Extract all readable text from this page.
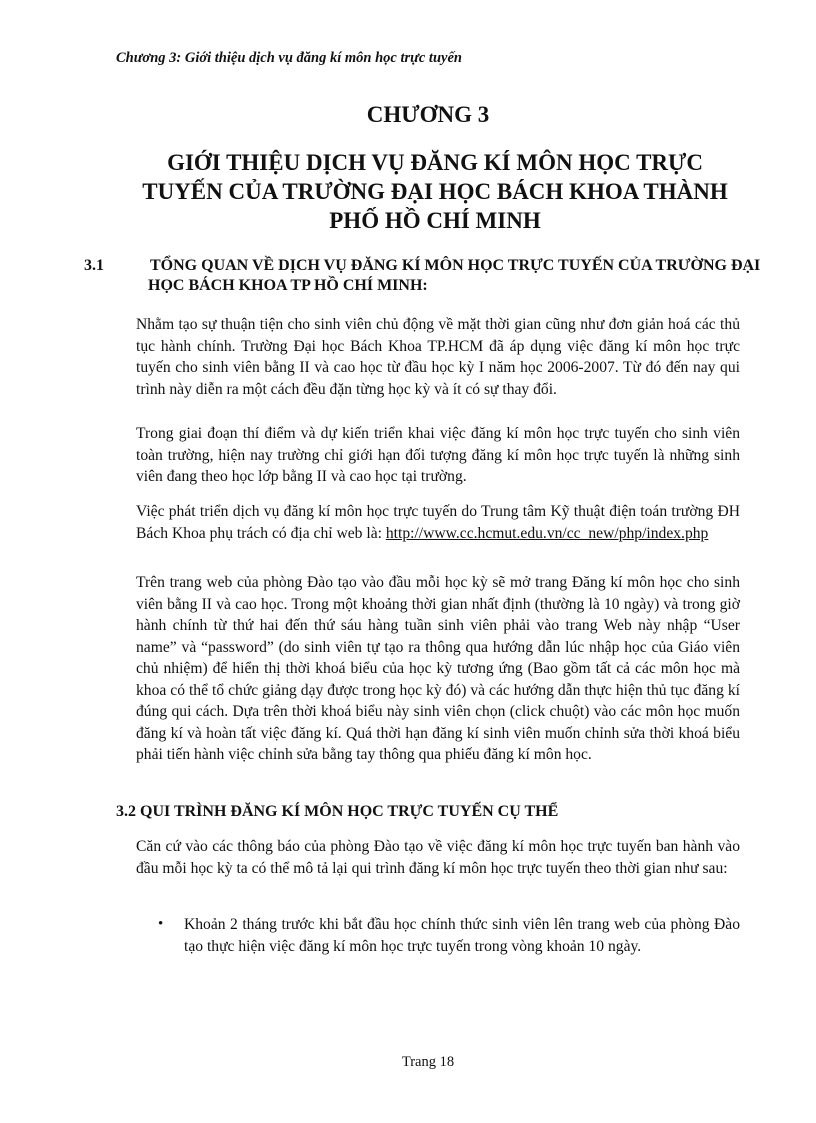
Chương 3: Giới thiệu dịch vụ đăng kí môn học trực tuyến

CHƯƠNG 3
GIỚI THIỆU DỊCH VỤ ĐĂNG KÍ MÔN HỌC TRỰC TUYẾN CỦA TRƯỜNG ĐẠI HỌC BÁCH KHOA THÀNH PHỐ HỒ CHÍ MINH
3.1	TỔNG QUAN VỀ DỊCH VỤ ĐĂNG KÍ MÔN HỌC TRỰC TUYẾN CỦA TRƯỜNG ĐẠI HỌC BÁCH KHOA TP HỒ CHÍ MINH:

Nhằm tạo sự thuận tiện cho sinh viên chủ động về mặt thời gian cũng như đơn giản hoá các thủ tục hành chính. Trường Đại học Bách Khoa TP.HCM đã áp dụng việc đăng kí môn học trực tuyến cho sinh viên bằng II và cao học từ đầu học kỳ I năm học 2006-2007. Từ đó đến nay qui trình này diễn ra một cách đều đặn từng học kỳ và ít có sự thay đổi.

Trong giai đoạn thí điểm và dự kiến triển khai việc đăng kí môn học trực tuyến cho sinh viên toàn trường, hiện nay trường chỉ giới hạn đối tượng đăng kí môn học trực tuyến là những sinh viên đang theo học lớp bằng II và cao học tại trường.

Việc phát triển dịch vụ đăng kí môn học trực tuyến do Trung tâm Kỹ thuật điện toán trường ĐH Bách Khoa phụ trách có địa chỉ web là: http://www.cc.hcmut.edu.vn/cc_new/php/index.php

Trên trang web của phòng Đào tạo vào đầu mỗi học kỳ sẽ mở trang Đăng kí môn học cho sinh viên bằng II và cao học. Trong một khoảng thời gian nhất định (thường là 10 ngày) và trong giờ hành chính từ thứ hai đến thứ sáu hàng tuần sinh viên phải vào trang Web này nhập “User name” và “password” (do sinh viên tự tạo ra thông qua hướng dẫn lúc nhập học của Giáo viên chủ nhiệm) để hiển thị thời khoá biểu của học kỳ tương ứng (Bao gồm tất cả các môn học mà khoa có thể tổ chức giảng dạy được trong học kỳ đó) và các hướng dẫn thực hiện thủ tục đăng kí đúng qui cách. Dựa trên thời khoá biểu này sinh viên chọn (click chuột) vào các môn học muốn đăng kí và hoàn tất việc đăng kí. Quá thời hạn đăng kí sinh viên muốn chỉnh sửa thời khoá biểu phải tiến hành việc chỉnh sửa bằng tay thông qua phiếu đăng kí môn học.

3.2 QUI TRÌNH ĐĂNG KÍ MÔN HỌC TRỰC TUYẾN CỤ THỂ

Căn cứ vào các thông báo của phòng Đào tạo về việc đăng kí môn học trực tuyến ban hành vào đầu mỗi học kỳ ta có thể mô tả lại qui trình đăng kí môn học trực tuyến theo thời gian như sau:

• Khoản 2 tháng trước khi bắt đầu học chính thức sinh viên lên trang web của phòng Đào tạo thực hiện việc đăng kí môn học trực tuyến trong vòng khoản 10 ngày.

Trang 18
